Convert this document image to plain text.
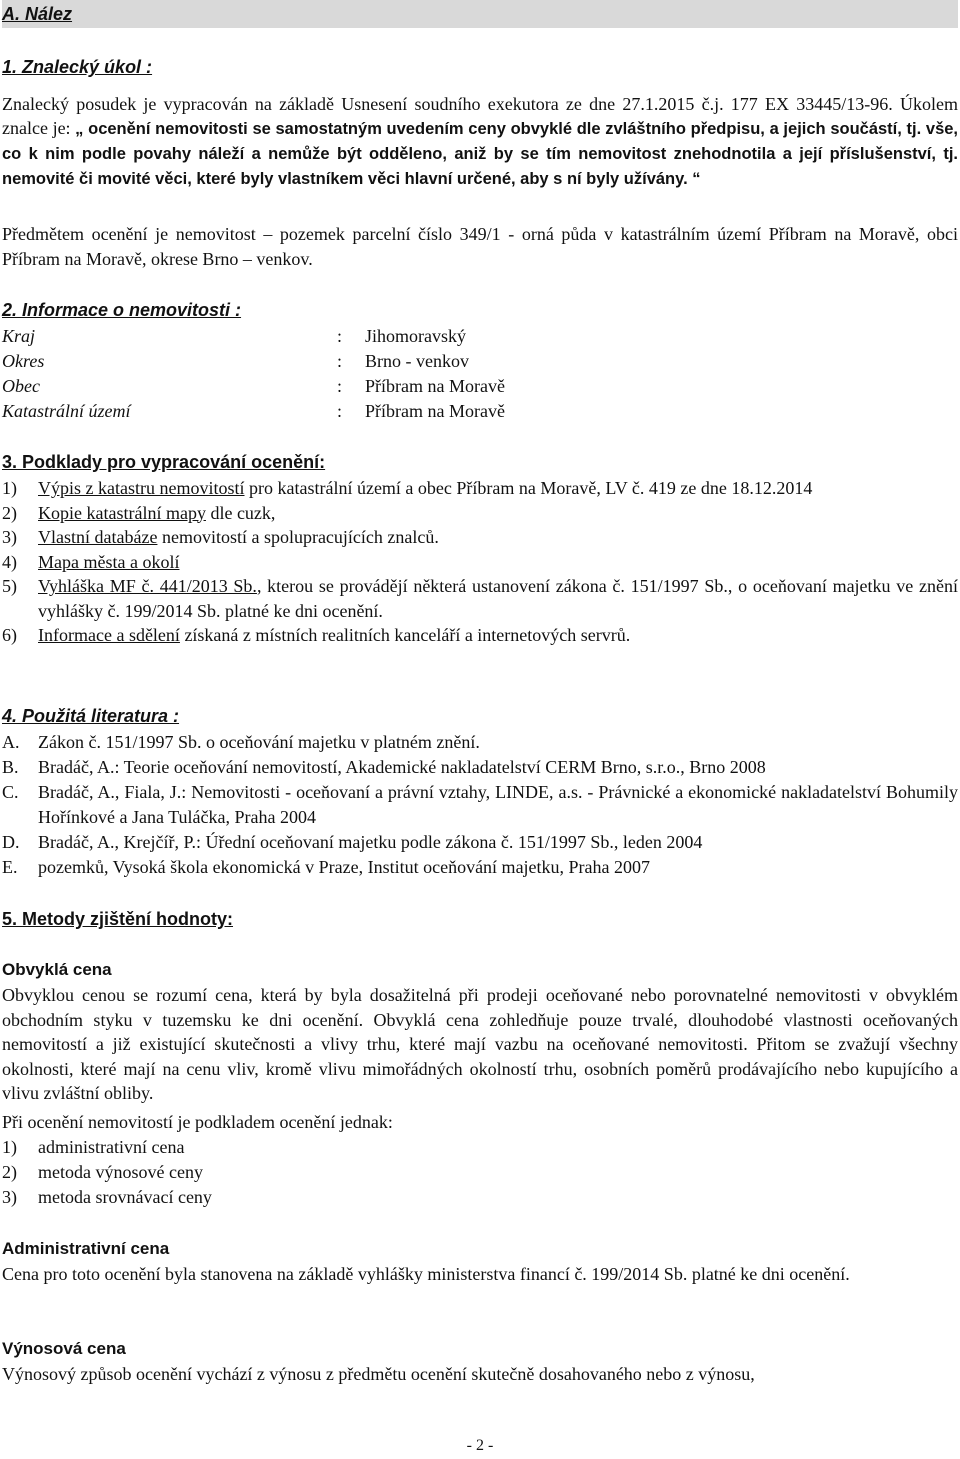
A. Nález
1. Znalecký úkol :

Znalecký posudek je vypracován na základě Usnesení soudního exekutora ze dne 27.1.2015 č.j. 177 EX 33445/13-96. Úkolem znalce je: „ ocenění nemovitosti se samostatným uvedením ceny obvyklé dle zvláštního předpisu, a jejich součástí, tj. vše, co k nim podle povahy náleží a nemůže být odděleno, aniž by se tím nemovitost znehodnotila a její příslušenství, tj. nemovité či movité věci, které byly vlastníkem věci hlavní určené, aby s ní byly užívány. “

Předmětem ocenění je nemovitost – pozemek parcelní číslo 349/1 - orná půda v katastrálním území Příbram na Moravě, obci Příbram na Moravě, okrese Brno – venkov.

2. Informace o nemovitosti :
Kraj	:	Jihomoravský
Okres	:	Brno - venkov
Obec	:	Příbram na Moravě
Katastrální území	:	Příbram na Moravě
3. Podklady pro vypracování ocenění:
1)	Výpis z katastru nemovitostí pro katastrální území a obec Příbram na Moravě, LV č. 419 ze dne 18.12.2014
2)	Kopie katastrální mapy dle cuzk,
3)	Vlastní databáze nemovitostí a spolupracujících znalců.
4)	Mapa města a okolí
5)	Vyhláška MF č. 441/2013 Sb., kterou se provádějí některá ustanovení zákona č. 151/1997 Sb., o oceňovaní majetku ve znění vyhlášky č. 199/2014 Sb. platné ke dni ocenění.
6)	Informace a sdělení získaná z místních realitních kanceláří a internetových servrů.
4. Použitá literatura :
A.	Zákon č. 151/1997 Sb. o oceňování majetku v platném znění.
B.	Bradáč, A.: Teorie oceňování nemovitostí, Akademické nakladatelství CERM Brno, s.r.o., Brno 2008
C.	Bradáč, A., Fiala, J.: Nemovitosti - oceňovaní a právní vztahy, LINDE, a.s. - Právnické a ekonomické nakladatelství Bohumily Hořínkové a Jana Tuláčka, Praha 2004
D.	Bradáč, A., Krejčíř, P.: Úřední oceňovaní majetku podle zákona č. 151/1997 Sb., leden 2004
E.	pozemků, Vysoká škola ekonomická v Praze, Institut oceňování majetku, Praha 2007
5. Metody zjištění hodnoty:
Obvyklá cena

Obvyklou cenou se rozumí cena, která by byla dosažitelná při prodeji oceňované nebo porovnatelné nemovitosti v obvyklém obchodním styku v tuzemsku ke dni ocenění. Obvyklá cena zohledňuje pouze trvalé, dlouhodobé vlastnosti oceňovaných nemovitostí a již existující skutečnosti a vlivy trhu, které mají vazbu na oceňované nemovitosti. Přitom se zvažují všechny okolnosti, které mají na cenu vliv, kromě vlivu mimořádných okolností trhu, osobních poměrů prodávajícího nebo kupujícího a vlivu zvláštní obliby.

Při ocenění nemovitostí je podkladem ocenění jednak:

1)	administrativní cena
2)	metoda výnosové ceny
3)	metoda srovnávací ceny
Administrativní cena

Cena pro toto ocenění byla stanovena na základě vyhlášky ministerstva financí č. 199/2014 Sb. platné ke dni ocenění.

Výnosová cena

Výnosový způsob ocenění vychází z výnosu z předmětu ocenění skutečně dosahovaného nebo z výnosu,

- 2 -
